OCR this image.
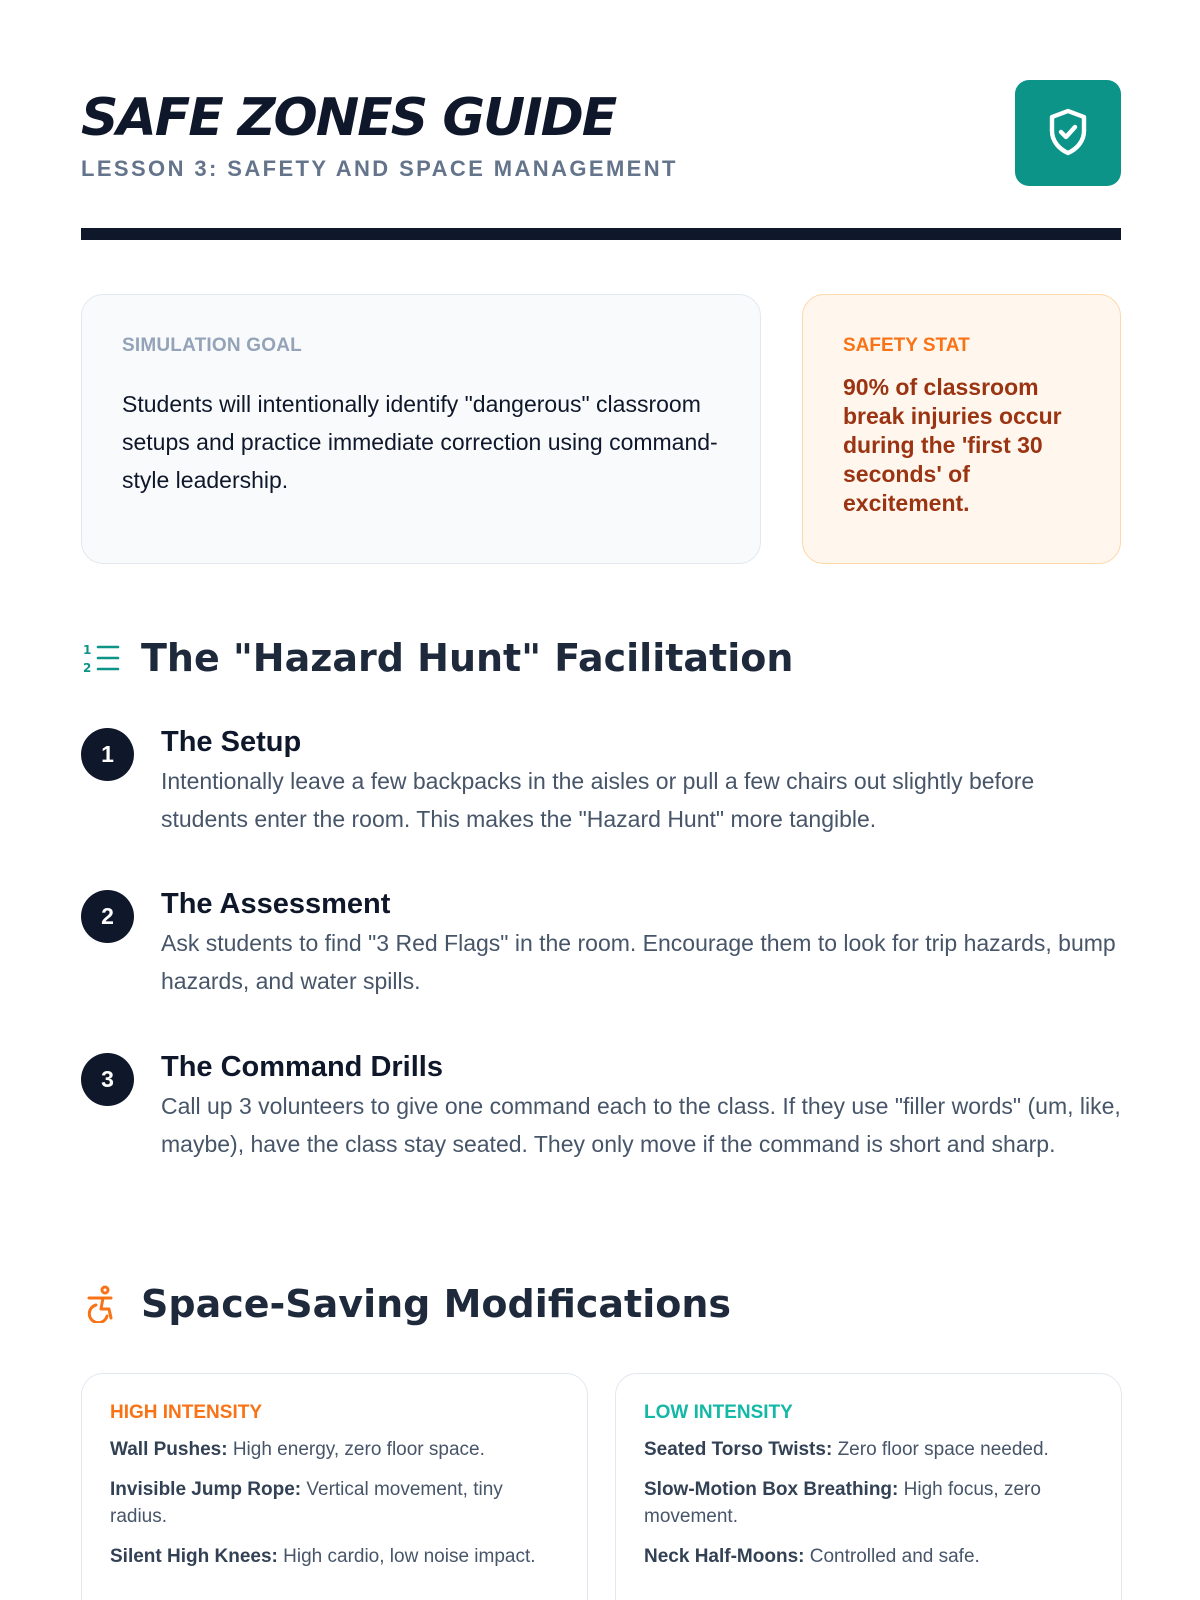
SAFE ZONES GUIDE
LESSON 3: SAFETY AND SPACE MANAGEMENT
SIMULATION GOAL
Students will intentionally identify "dangerous" classroom setups and practice immediate correction using command-style leadership.
SAFETY STAT
90% of classroom break injuries occur during the 'first 30 seconds' of excitement.
1
2 The "Hazard Hunt" Facilitation
1	The Setup
Intentionally leave a few backpacks in the aisles or pull a few chairs out slightly before students enter the room. This makes the "Hazard Hunt" more tangible.
2	The Assessment
Ask students to find "3 Red Flags" in the room. Encourage them to look for trip hazards, bump hazards, and water spills.
3	The Command Drills
Call up 3 volunteers to give one command each to the class. If they use "filler words" (um, like, maybe), have the class stay seated. They only move if the command is short and sharp.
Space-Saving Modifications
HIGH INTENSITY
Wall Pushes: High energy, zero floor space.
Invisible Jump Rope: Vertical movement, tiny radius.
Silent High Knees: High cardio, low noise impact.
LOW INTENSITY
Seated Torso Twists: Zero floor space needed.
Slow-Motion Box Breathing: High focus, zero movement.
Neck Half-Moons: Controlled and safe.
